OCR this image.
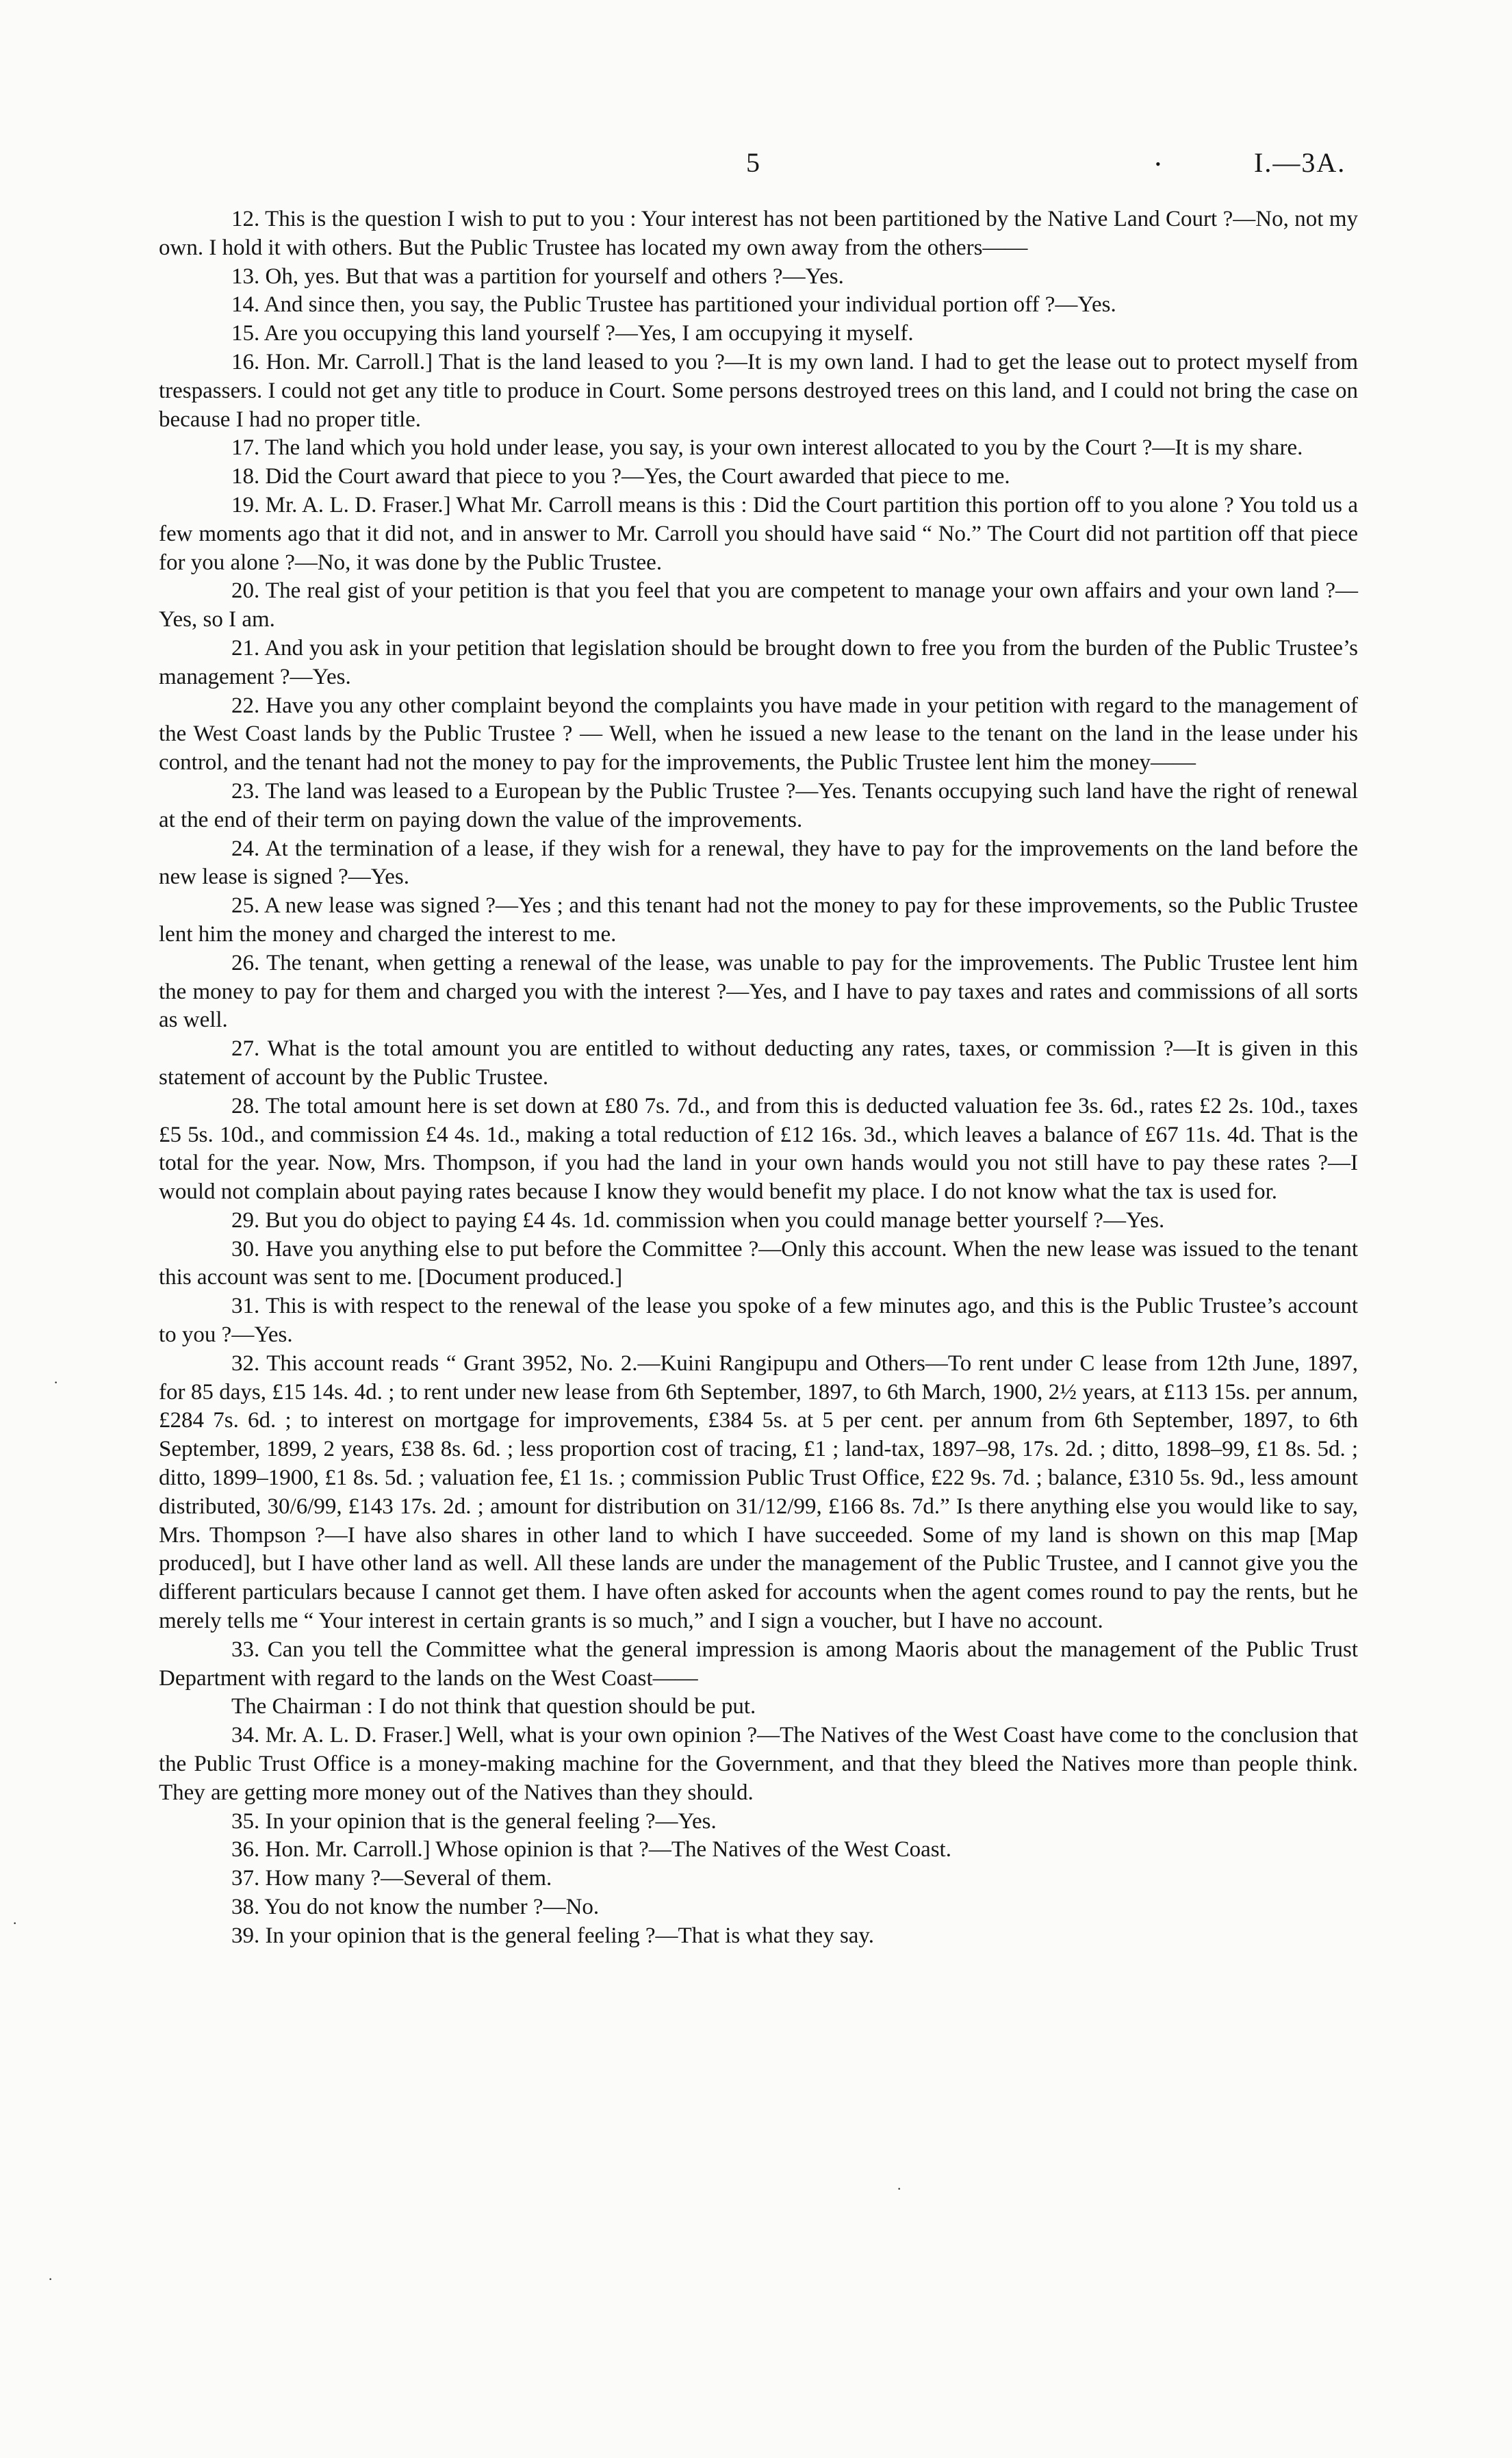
5	•	I.—3A.

12. This is the question I wish to put to you : Your interest has not been partitioned by the Native Land Court ?—No, not my own. I hold it with others. But the Public Trustee has located my own away from the others——

13. Oh, yes. But that was a partition for yourself and others ?—Yes.

14. And since then, you say, the Public Trustee has partitioned your individual portion off ?—Yes.

15. Are you occupying this land yourself ?—Yes, I am occupying it myself.

16. Hon. Mr. Carroll.] That is the land leased to you ?—It is my own land. I had to get the lease out to protect myself from trespassers. I could not get any title to produce in Court. Some persons destroyed trees on this land, and I could not bring the case on because I had no proper title.

17. The land which you hold under lease, you say, is your own interest allocated to you by the Court ?—It is my share.

18. Did the Court award that piece to you ?—Yes, the Court awarded that piece to me.

19. Mr. A. L. D. Fraser.] What Mr. Carroll means is this : Did the Court partition this portion off to you alone ? You told us a few moments ago that it did not, and in answer to Mr. Carroll you should have said “ No.” The Court did not partition off that piece for you alone ?—No, it was done by the Public Trustee.

20. The real gist of your petition is that you feel that you are competent to manage your own affairs and your own land ?—Yes, so I am.

21. And you ask in your petition that legislation should be brought down to free you from the burden of the Public Trustee’s management ?—Yes.

22. Have you any other complaint beyond the complaints you have made in your petition with regard to the management of the West Coast lands by the Public Trustee ? — Well, when he issued a new lease to the tenant on the land in the lease under his control, and the tenant had not the money to pay for the improvements, the Public Trustee lent him the money——

23. The land was leased to a European by the Public Trustee ?—Yes. Tenants occupying such land have the right of renewal at the end of their term on paying down the value of the improvements.

24. At the termination of a lease, if they wish for a renewal, they have to pay for the improvements on the land before the new lease is signed ?—Yes.

25. A new lease was signed ?—Yes ; and this tenant had not the money to pay for these improvements, so the Public Trustee lent him the money and charged the interest to me.

26. The tenant, when getting a renewal of the lease, was unable to pay for the improvements. The Public Trustee lent him the money to pay for them and charged you with the interest ?—Yes, and I have to pay taxes and rates and commissions of all sorts as well.

27. What is the total amount you are entitled to without deducting any rates, taxes, or commission ?—It is given in this statement of account by the Public Trustee.

28. The total amount here is set down at £80 7s. 7d., and from this is deducted valuation fee 3s. 6d., rates £2 2s. 10d., taxes £5 5s. 10d., and commission £4 4s. 1d., making a total reduction of £12 16s. 3d., which leaves a balance of £67 11s. 4d. That is the total for the year. Now, Mrs. Thompson, if you had the land in your own hands would you not still have to pay these rates ?—I would not complain about paying rates because I know they would benefit my place. I do not know what the tax is used for.

29. But you do object to paying £4 4s. 1d. commission when you could manage better yourself ?—Yes.

30. Have you anything else to put before the Committee ?—Only this account. When the new lease was issued to the tenant this account was sent to me. [Document produced.]

31. This is with respect to the renewal of the lease you spoke of a few minutes ago, and this is the Public Trustee’s account to you ?—Yes.

32. This account reads “ Grant 3952, No. 2.—Kuini Rangipupu and Others—To rent under C lease from 12th June, 1897, for 85 days, £15 14s. 4d. ; to rent under new lease from 6th September, 1897, to 6th March, 1900, 2½ years, at £113 15s. per annum, £284 7s. 6d. ; to interest on mortgage for improvements, £384 5s. at 5 per cent. per annum from 6th September, 1897, to 6th September, 1899, 2 years, £38 8s. 6d. ; less proportion cost of tracing, £1 ; land-tax, 1897–98, 17s. 2d. ; ditto, 1898–99, £1 8s. 5d. ; ditto, 1899–1900, £1 8s. 5d. ; valuation fee, £1 1s. ; commission Public Trust Office, £22 9s. 7d. ; balance, £310 5s. 9d., less amount distributed, 30/6/99, £143 17s. 2d. ; amount for distribution on 31/12/99, £166 8s. 7d.” Is there anything else you would like to say, Mrs. Thompson ?—I have also shares in other land to which I have succeeded. Some of my land is shown on this map [Map produced], but I have other land as well. All these lands are under the management of the Public Trustee, and I cannot give you the different particulars because I cannot get them. I have often asked for accounts when the agent comes round to pay the rents, but he merely tells me “ Your interest in certain grants is so much,” and I sign a voucher, but I have no account.

33. Can you tell the Committee what the general impression is among Maoris about the management of the Public Trust Department with regard to the lands on the West Coast——

The Chairman : I do not think that question should be put.

34. Mr. A. L. D. Fraser.] Well, what is your own opinion ?—The Natives of the West Coast have come to the conclusion that the Public Trust Office is a money-making machine for the Government, and that they bleed the Natives more than people think. They are getting more money out of the Natives than they should.

35. In your opinion that is the general feeling ?—Yes.

36. Hon. Mr. Carroll.] Whose opinion is that ?—The Natives of the West Coast.

37. How many ?—Several of them.

38. You do not know the number ?—No.

39. In your opinion that is the general feeling ?—That is what they say.

·
·
·
·
